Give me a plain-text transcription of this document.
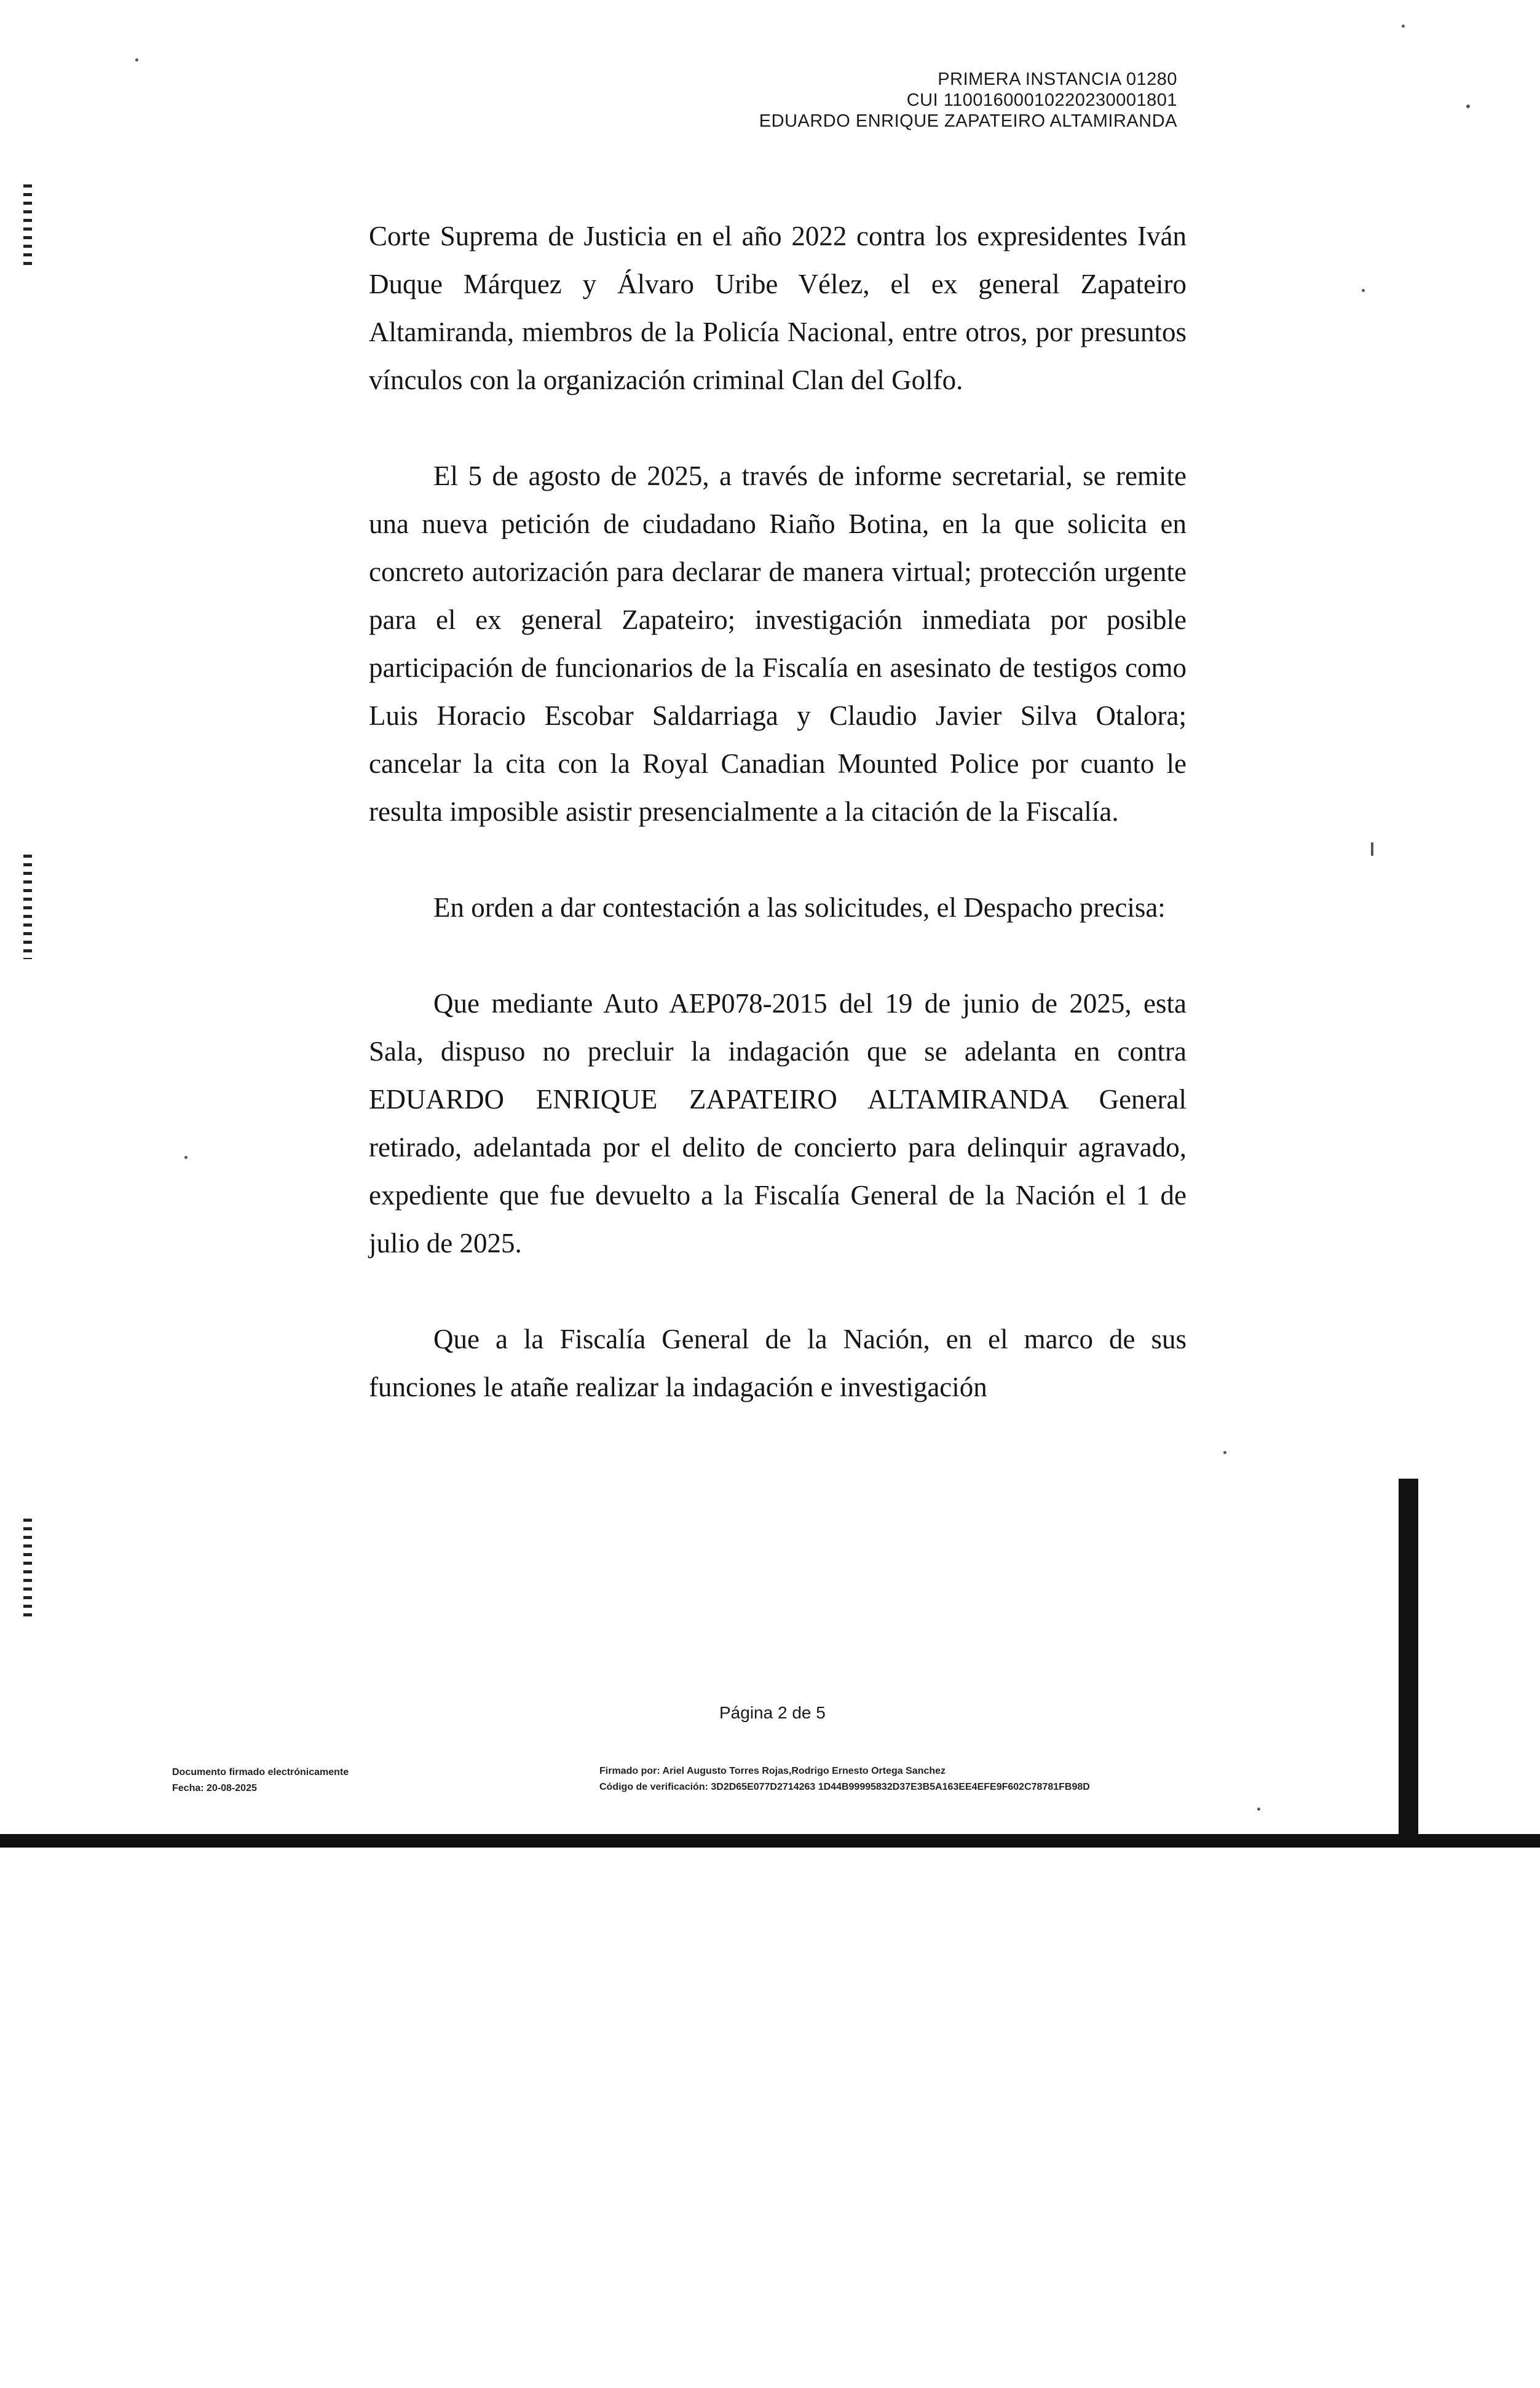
PRIMERA INSTANCIA 01280
CUI 11001600010220230001801
EDUARDO ENRIQUE ZAPATEIRO ALTAMIRANDA

Corte Suprema de Justicia en el año 2022 contra los expresidentes Iván Duque Márquez y Álvaro Uribe Vélez, el ex general Zapateiro Altamiranda, miembros de la Policía Nacional, entre otros, por presuntos vínculos con la organización criminal Clan del Golfo.

El 5 de agosto de 2025, a través de informe secretarial, se remite una nueva petición de ciudadano Riaño Botina, en la que solicita en concreto autorización para declarar de manera virtual; protección urgente para el ex general Zapateiro; investigación inmediata por posible participación de funcionarios de la Fiscalía en asesinato de testigos como Luis Horacio Escobar Saldarriaga y Claudio Javier Silva Otalora; cancelar la cita con la Royal Canadian Mounted Police por cuanto le resulta imposible asistir presencialmente a la citación de la Fiscalía.

En orden a dar contestación a las solicitudes, el Despacho precisa:

Que mediante Auto AEP078-2015 del 19 de junio de 2025, esta Sala, dispuso no precluir la indagación que se adelanta en contra EDUARDO ENRIQUE ZAPATEIRO ALTAMIRANDA General retirado, adelantada por el delito de concierto para delinquir agravado, expediente que fue devuelto a la Fiscalía General de la Nación el 1 de julio de 2025.

Que a la Fiscalía General de la Nación, en el marco de sus funciones le atañe realizar la indagación e investigación

Página 2 de 5
Documento firmado electrónicamente
Fecha: 20-08-2025
Firmado por: Ariel Augusto Torres Rojas,Rodrigo Ernesto Ortega Sanchez
Código de verificación: 3D2D65E077D2714263 1D44B99995832D37E3B5A163EE4EFE9F602C78781FB98D
